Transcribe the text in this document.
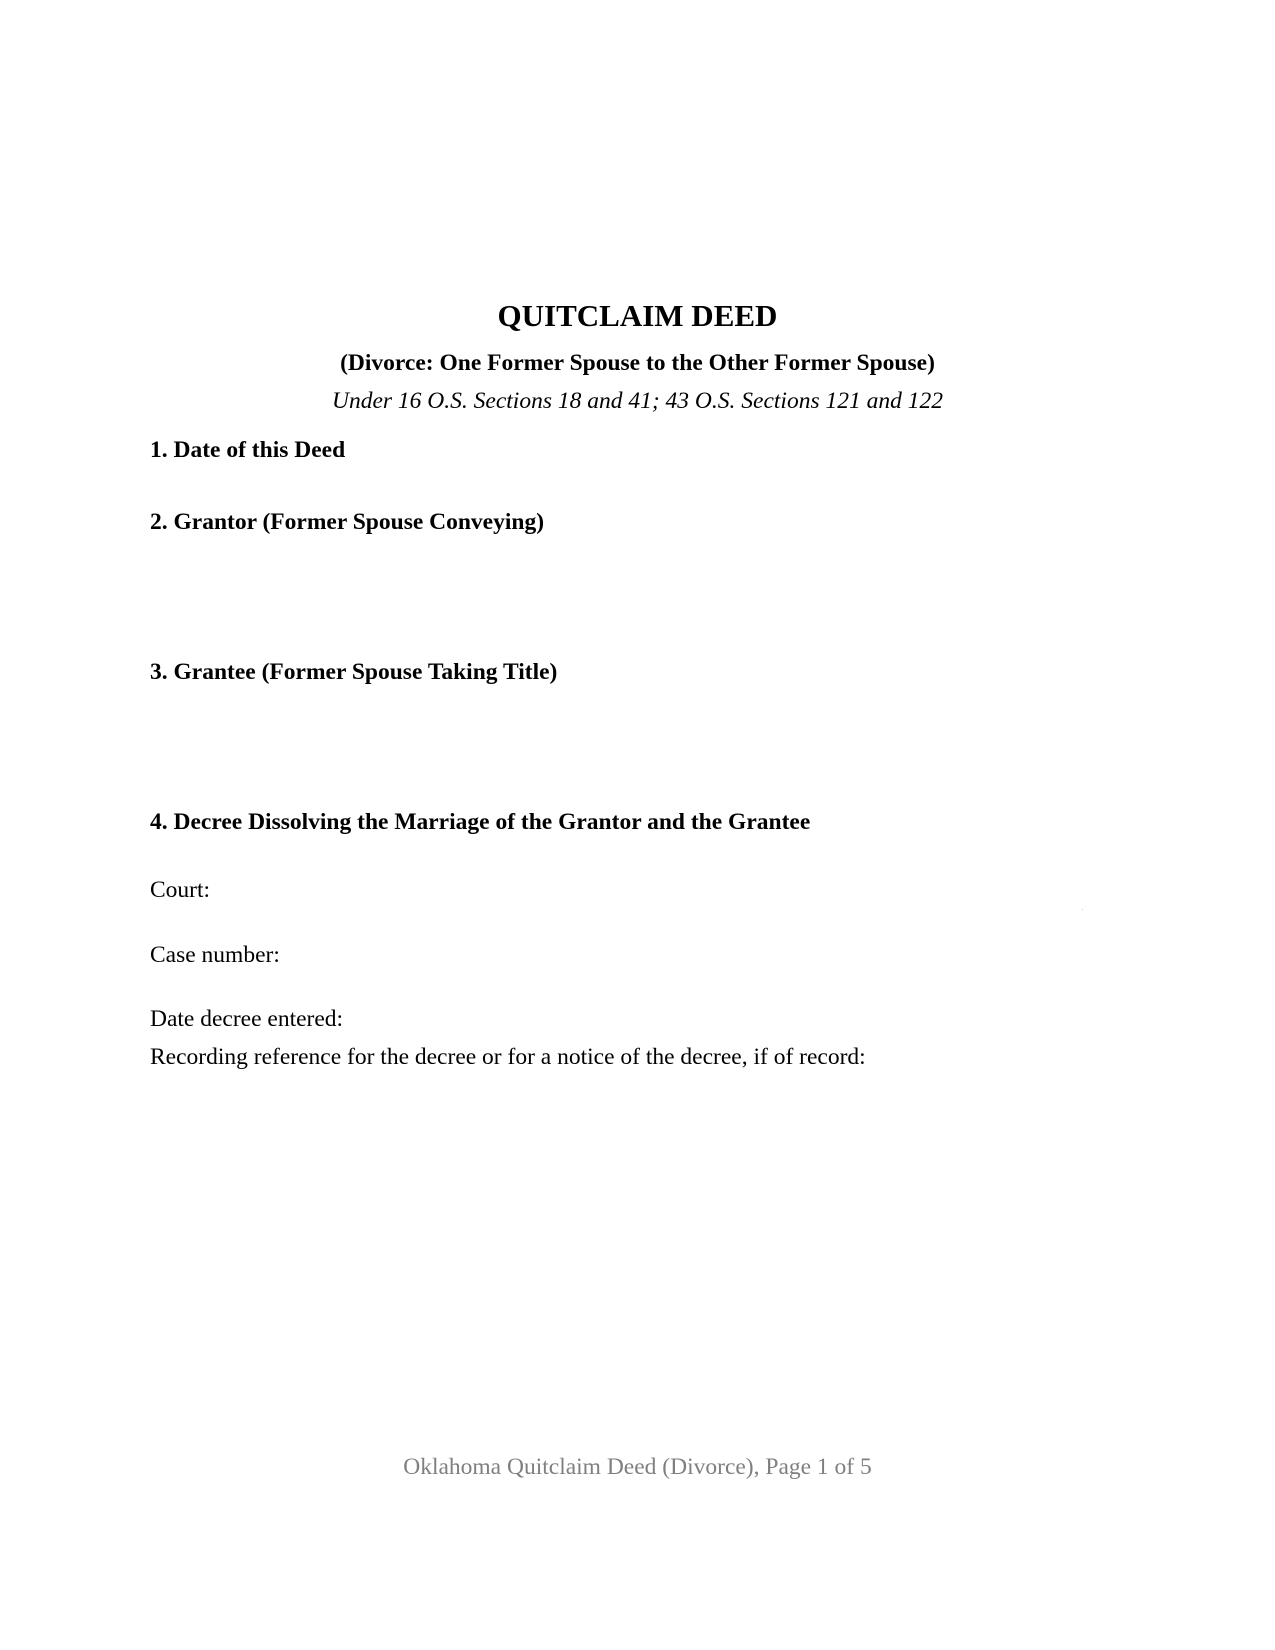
QUITCLAIM DEED
(Divorce: One Former Spouse to the Other Former Spouse)
Under 16 O.S. Sections 18 and 41; 43 O.S. Sections 121 and 122
1. Date of this Deed
2. Grantor (Former Spouse Conveying)
3. Grantee (Former Spouse Taking Title)
4. Decree Dissolving the Marriage of the Grantor and the Grantee
Court:
Case number:
Date decree entered:
Recording reference for the decree or for a notice of the decree, if of record:
Oklahoma Quitclaim Deed (Divorce), Page 1 of 5
